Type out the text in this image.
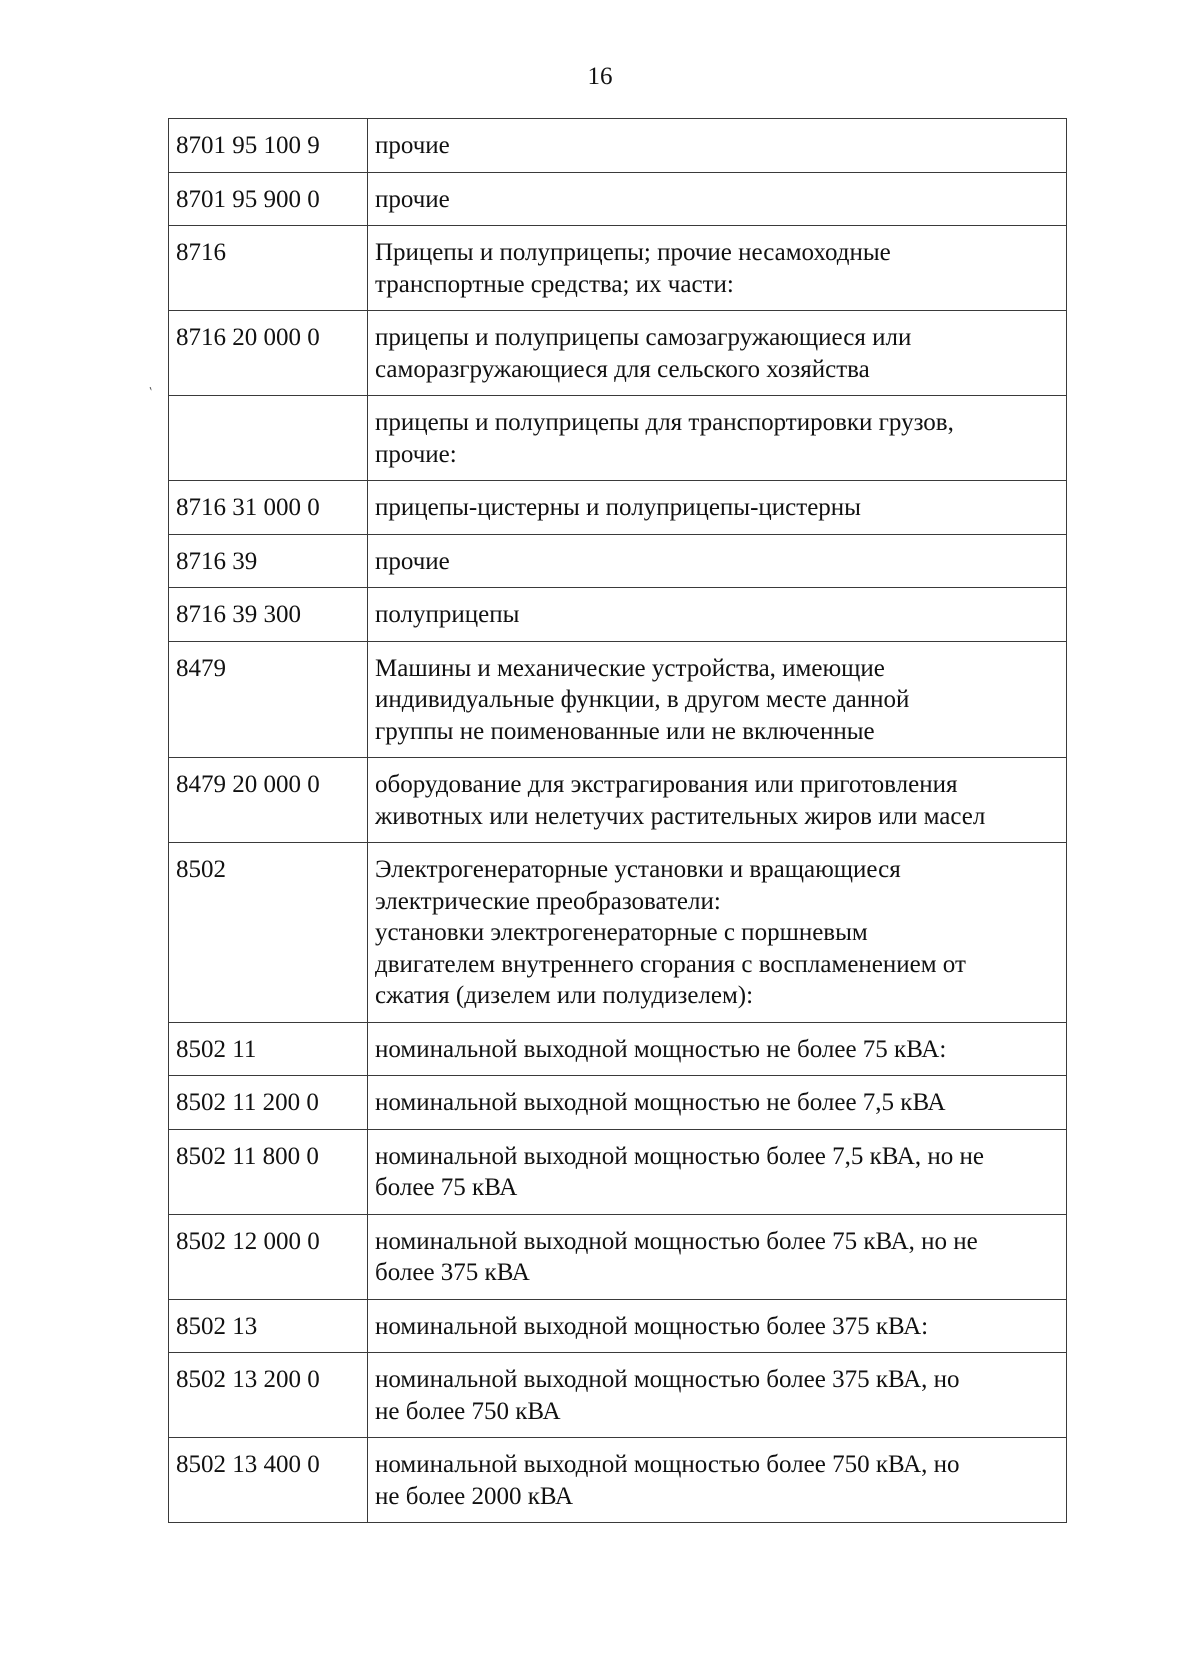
16
'
8701 95 100 9	прочие

8701 95 900 0	прочие

8716	Прицепы и полуприцепы; прочие несамоходные
транспортные средства; их части:

8716 20 000 0	прицепы и полуприцепы самозагружающиеся или
саморазгружающиеся для сельского хозяйства

	прицепы и полуприцепы для транспортировки грузов,
прочие:

8716 31 000 0	прицепы-цистерны и полуприцепы-цистерны

8716 39	прочие

8716 39 300	полуприцепы

8479	Машины и механические устройства, имеющие
индивидуальные функции, в другом месте данной
группы не поименованные или не включенные

8479 20 000 0	оборудование для экстрагирования или приготовления
животных или нелетучих растительных жиров или масел

8502	Электрогенераторные установки и вращающиеся
электрические преобразователи:
установки электрогенераторные с поршневым
двигателем внутреннего сгорания с воспламенением от
сжатия (дизелем или полудизелем):

8502 11	номинальной выходной мощностью не более 75 кВА:

8502 11 200 0	номинальной выходной мощностью не более 7,5 кВА

8502 11 800 0	номинальной выходной мощностью более 7,5 кВА, но не
более 75 кВА

8502 12 000 0	номинальной выходной мощностью более 75 кВА, но не
более 375 кВА

8502 13	номинальной выходной мощностью более 375 кВА:

8502 13 200 0	номинальной выходной мощностью более 375 кВА, но
не более 750 кВА

8502 13 400 0	номинальной выходной мощностью более 750 кВА, но
не более 2000 кВА
